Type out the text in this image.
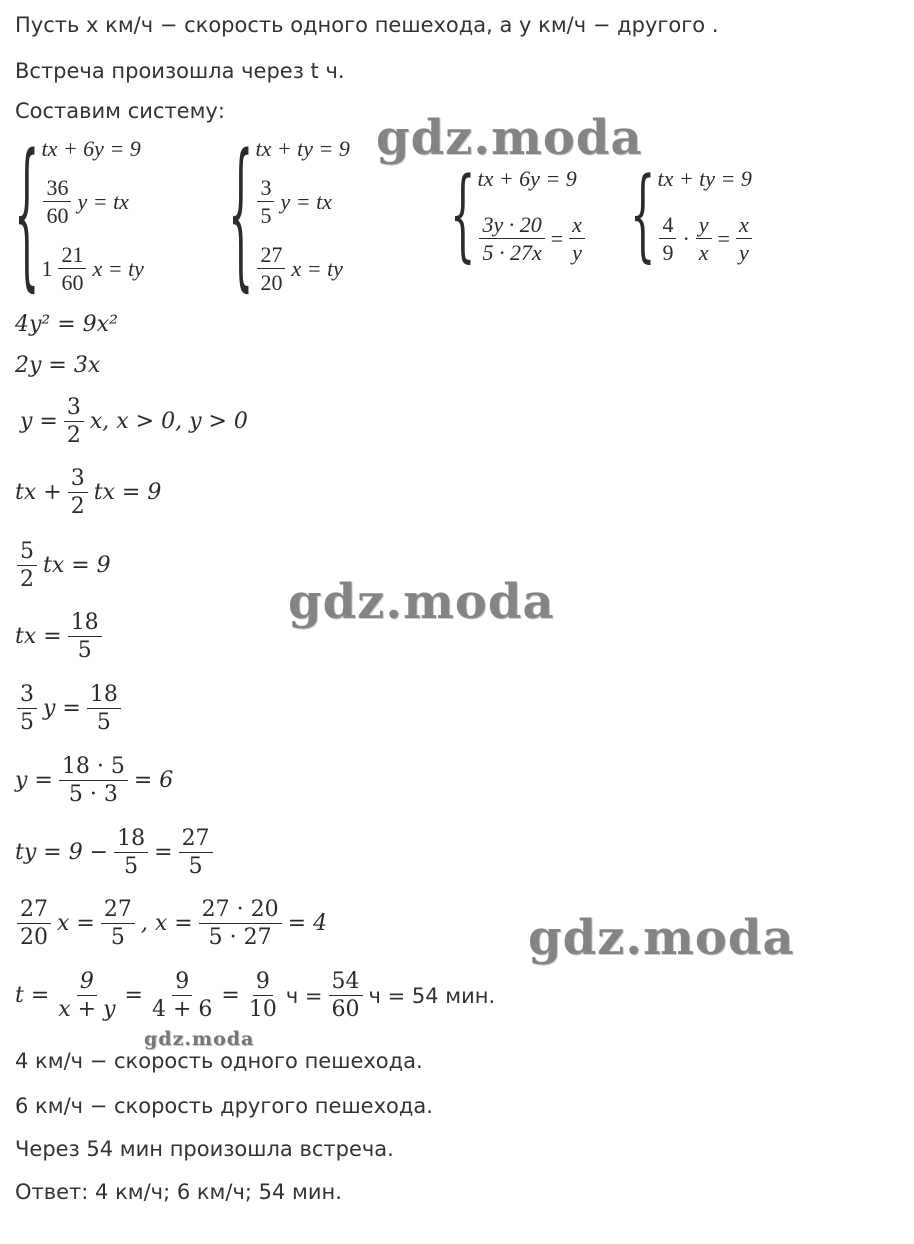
Пусть x км/ч − скорость одного пешехода, а y км/ч − другого .
Встреча произошла через t ч.
Составим систему:
{ tx + 6y = 9
$\frac{36}{60}$ y = tx
$1 \frac{21}{60}$ x = ty { tx + ty = 9
$\frac{3}{5}$ y = tx
$\frac{27}{20}$ x = ty	{ tx + 6y = 9
$\frac{3y \cdot 20}{5 \cdot 27x} = \frac{x}{y}$ { tx + ty = 9
$\frac{4}{9} \cdot \frac{y}{x} = \frac{x}{y}$
4y² = 9x²
2y = 3x
$y = \frac{3}{2} x$, x > 0, y > 0
tx + $\frac{3}{2}$ tx = 9
$\frac{5}{2}$ tx = 9
tx = $\frac{18}{5}$
$\frac{3}{5}$ $y = \frac{18}{5}$
$y = \frac{18 \cdot 5}{5 \cdot 3} = 6$
ty = $9 - \frac{18}{5} = \frac{27}{5}$
$\frac{27}{20}$ $x = \frac{27}{5}$ , $x = \frac{27 \cdot 20}{5 \cdot 27} = 4$
$t = \frac{9}{x + y} = \frac{9}{4 + 6} = \frac{9}{10}$ $ч = \frac{54}{60}$ ч = 54 мин.
4 км/ч − скорость одного пешехода.
6 км/ч − скорость другого пешехода.
Через 54 мин произошла встреча.
Ответ: 4 км/ч; 6 км/ч; 54 мин.
gdz.moda
gdz.moda
gdz.moda
gdz.moda
